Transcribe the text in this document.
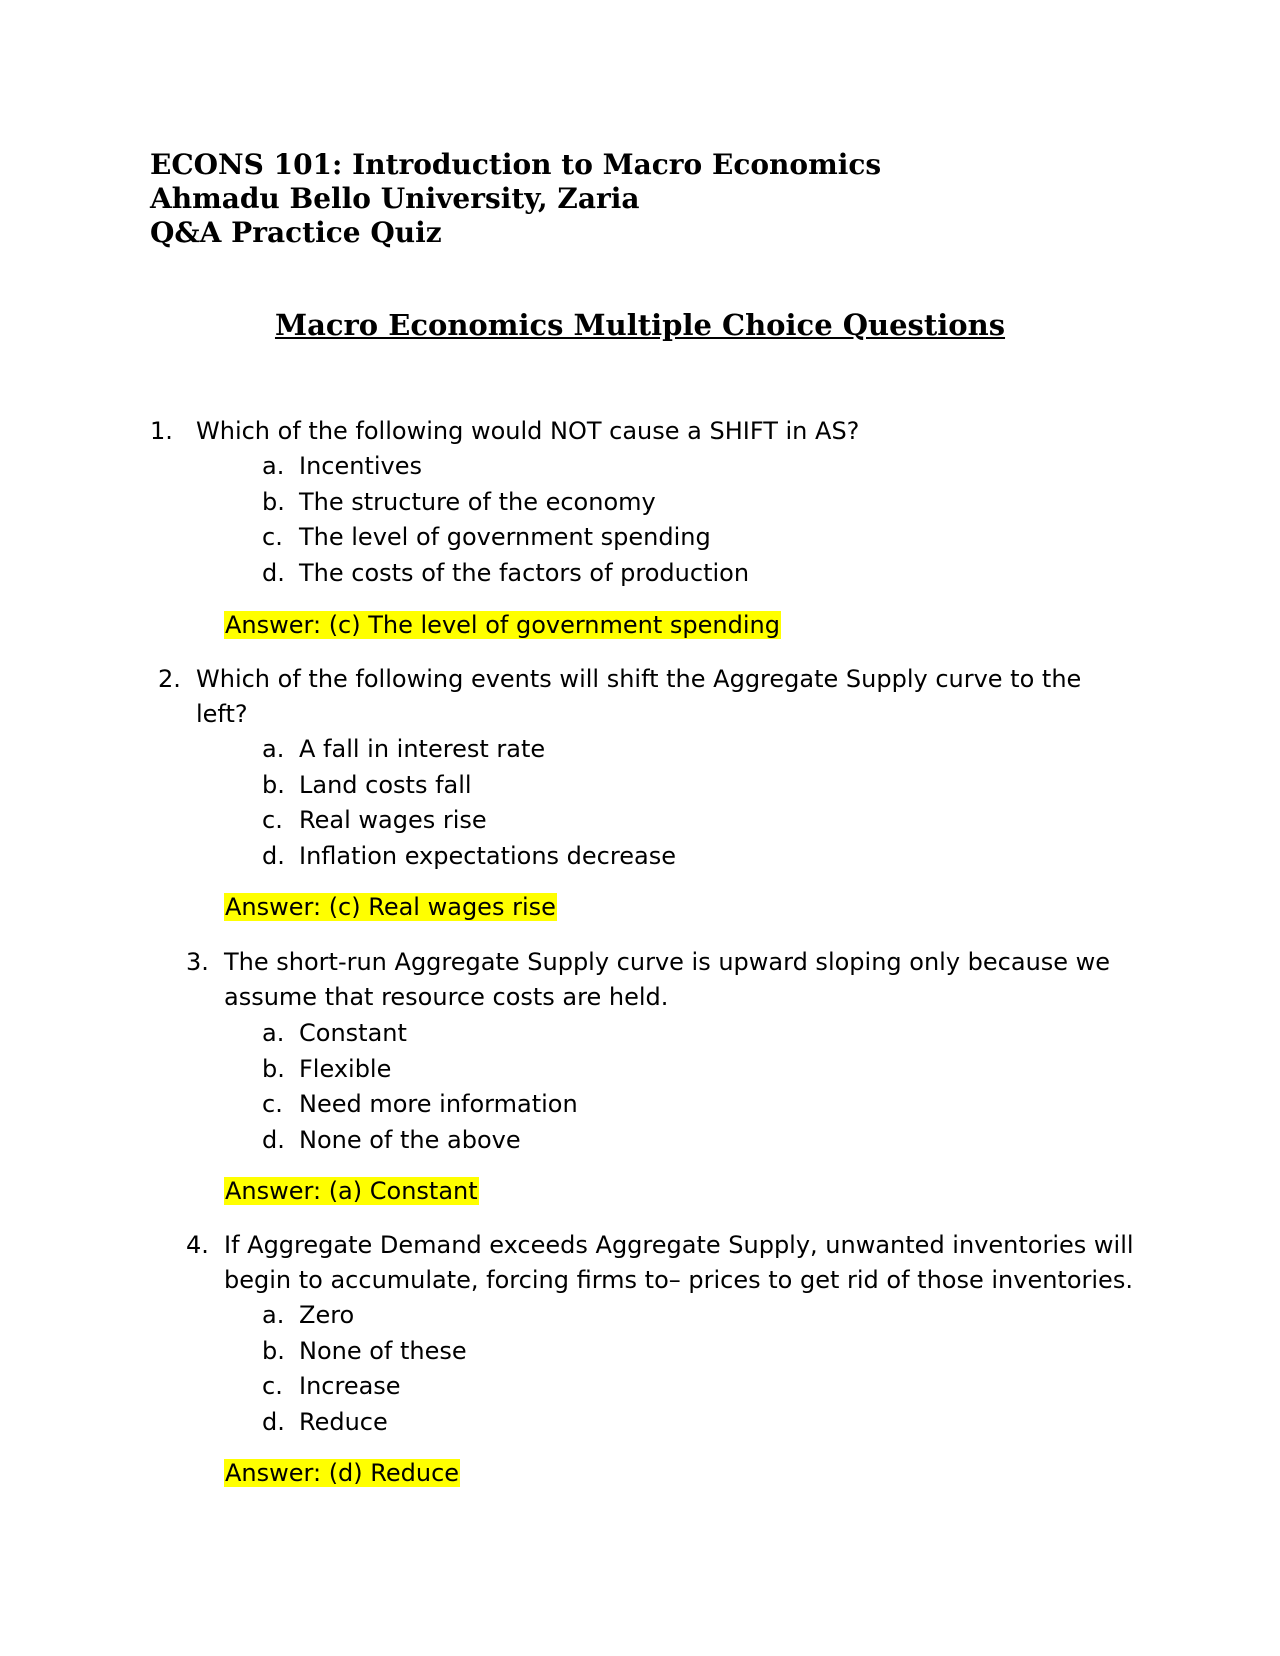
ECONS 101: Introduction to Macro Economics
Ahmadu Bello University, Zaria
Q&A Practice Quiz
Macro Economics Multiple Choice Questions
1. Which of the following would NOT cause a SHIFT in AS?
a. Incentives
b. The structure of the economy
c. The level of government spending
d. The costs of the factors of production
Answer: (c) The level of government spending
2. Which of the following events will shift the Aggregate Supply curve to the
left?
a. A fall in interest rate
b. Land costs fall
c. Real wages rise
d. Inflation expectations decrease
Answer: (c) Real wages rise
3. The short-run Aggregate Supply curve is upward sloping only because we
assume that resource costs are held.
a. Constant
b. Flexible
c. Need more information
d. None of the above
Answer: (a) Constant
4. If Aggregate Demand exceeds Aggregate Supply, unwanted inventories will
begin to accumulate, forcing firms to– prices to get rid of those inventories.
a. Zero
b. None of these
c. Increase
d. Reduce
Answer: (d) Reduce
